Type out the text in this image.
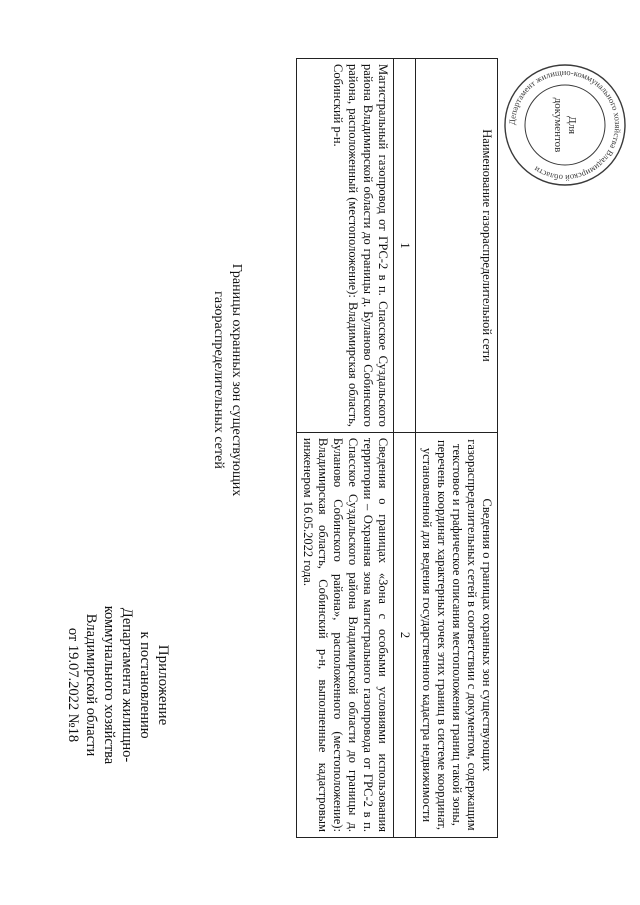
Приложение
к постановлению
Департамента жилищно-
коммунального хозяйства
Владимирской области
от 19.07.2022 №18
Границы охранных зон существующих газораспределительных сетей
Наименование газораспределительной сети	Сведения о границах охранных зон существующих газораспределительных сетей в соответствии с документом, содержащим текстовое и графическое описания местоположения границ такой зоны, перечень координат характерных точек этих границ в системе координат, установленной для ведения государственного кадастра недвижимости
1	2
Магистральный газопровод от ГРС-2 в п. Спасское Суздальского района Владимирской области до границы д. Буланово Собинского района, расположенный (местоположение): Владимирская область, Собинский р-н.	Сведения о границах «Зона с особыми условиями использования территории – Охранная зона магистрального газопровода от ГРС-2 в п. Спасское Суздальского района Владимирской области до границы д. Буланово Собинского района», расположенного (местоположение): Владимирская область, Собинский р-н, выполненные кадастровым инженером 16.05.2022 года.
Департамент жилищно-коммунального хозяйства Владимирской области
Для
документов
